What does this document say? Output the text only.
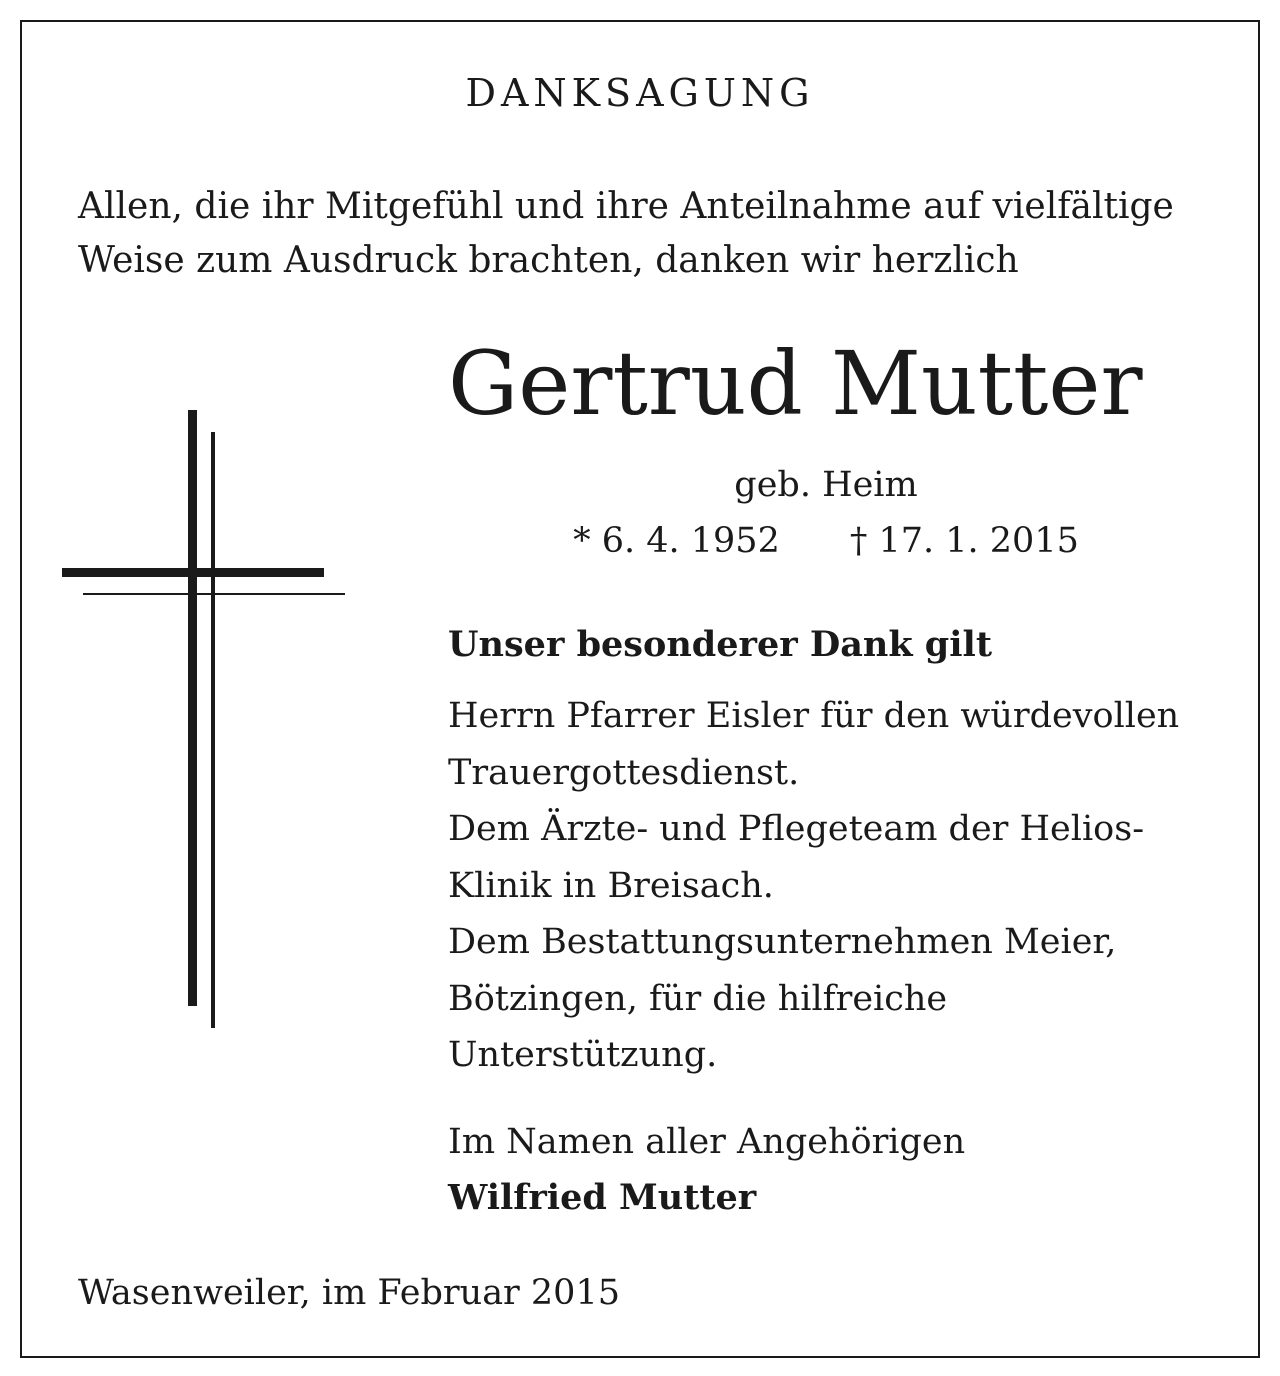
DANKSAGUNG
Allen, die ihr Mitgefühl und ihre Anteilnahme auf vielfältige
Weise zum Ausdruck brachten, danken wir herzlich
Gertrud Mutter
geb. Heim
* 6. 4. 1952 † 17. 1. 2015
Unser besonderer Dank gilt
Herrn Pfarrer Eisler für den würdevollen
Trauergottesdienst.
Dem Ärzte- und Pflegeteam der Helios-
Klinik in Breisach.
Dem Bestattungsunternehmen Meier,
Bötzingen, für die hilfreiche
Unterstützung.
Im Namen aller Angehörigen
Wilfried Mutter
Wasenweiler, im Februar 2015
